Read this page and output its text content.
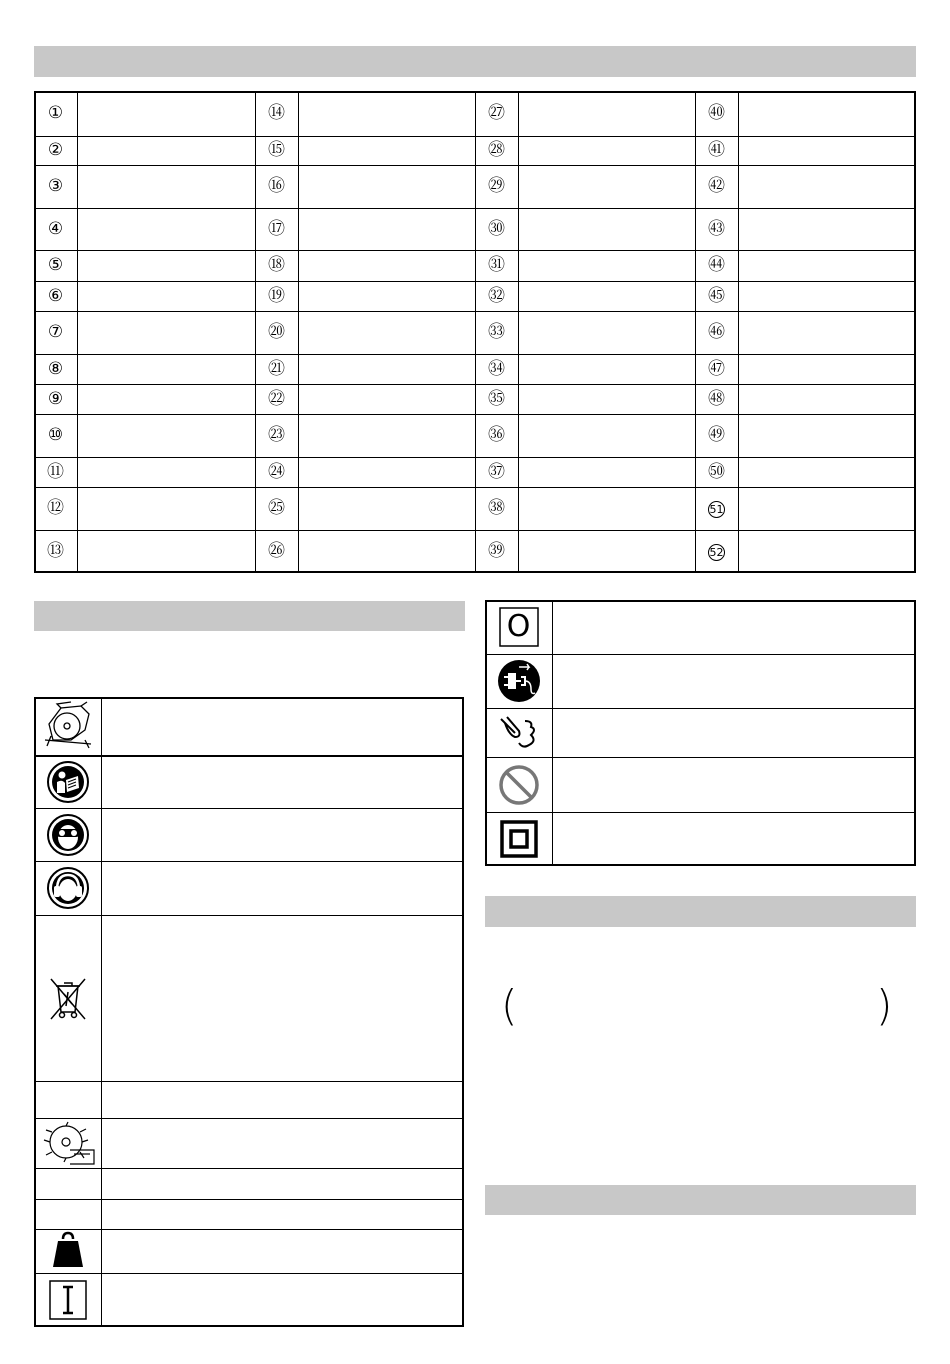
①
②
③
④
⑤
⑥
⑦
⑧
⑨
⑩
⑪
⑫
⑬
⑭
⑮
⑯
⑰
⑱
⑲
⑳
㉑
㉒
㉓
㉔
㉕
㉖
㉗
㉘
㉙
㉚
㉛
㉜
㉝
㉞
㉟
㊱
㊲
㊳
㊴
㊵
㊶
㊷
㊸
㊹
㊺
㊻
㊼
㊽
㊾
㊿
51
52
O
(	)
